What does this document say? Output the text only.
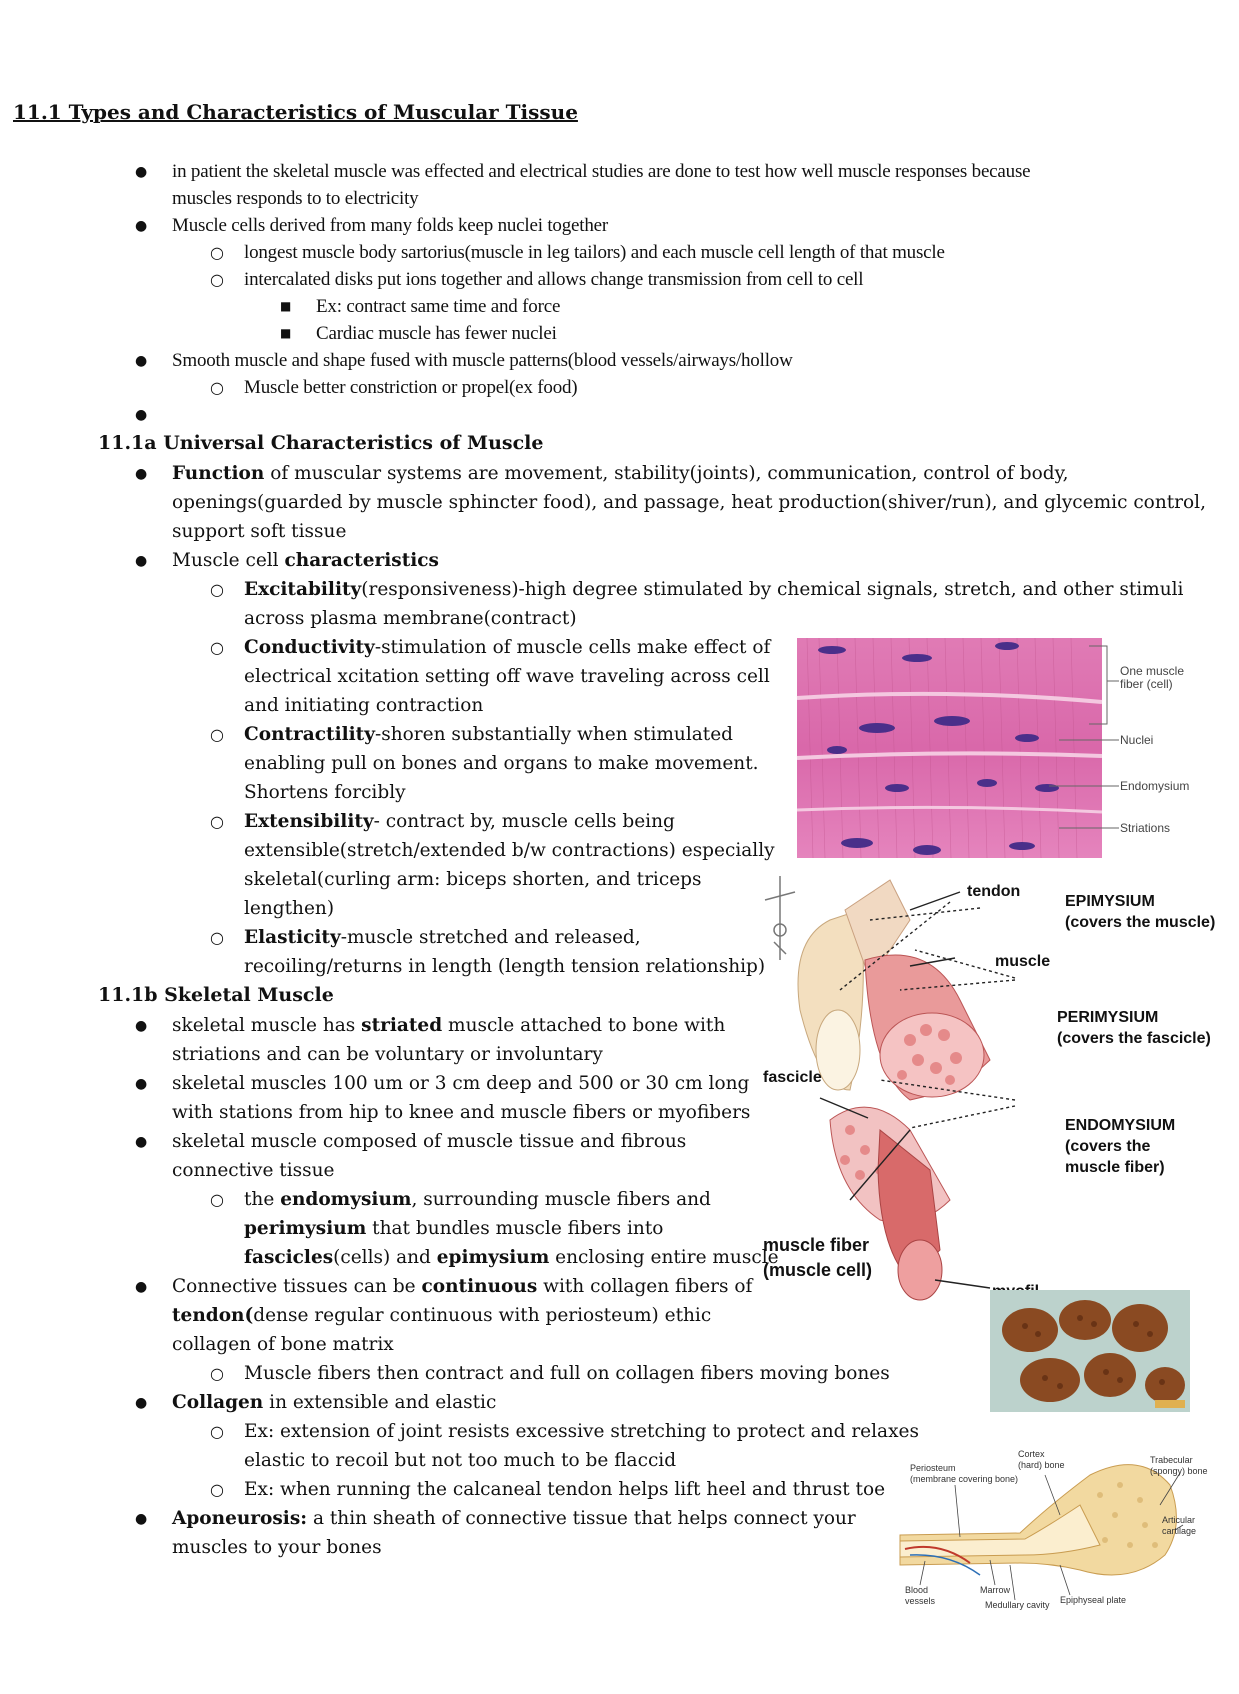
11.1 Types and Characteristics of Muscular Tissue
● in patient the skeletal muscle was effected and electrical studies are done to test how well muscle responses because
muscles responds to to electricity
● Muscle cells derived from many folds keep nuclei together
○ longest muscle body sartorius(muscle in leg tailors) and each muscle cell length of that muscle
○ intercalated disks put ions together and allows change transmission from cell to cell
■ Ex: contract same time and force
■ Cardiac muscle has fewer nuclei
● Smooth muscle and shape fused with muscle patterns(blood vessels/airways/hollow
○ Muscle better constriction or propel(ex food)
●
11.1a Universal Characteristics of Muscle
● Function of muscular systems are movement, stability(joints), communication, control of body,
openings(guarded by muscle sphincter food), and passage, heat production(shiver/run), and glycemic control,
support soft tissue
● Muscle cell characteristics
○ Excitability(responsiveness)-high degree stimulated by chemical signals, stretch, and other stimuli
across plasma membrane(contract)
○ Conductivity-stimulation of muscle cells make effect of
electrical xcitation setting off wave traveling across cell
and initiating contraction
○ Contractility-shoren substantially when stimulated
enabling pull on bones and organs to make movement.
Shortens forcibly
○ Extensibility- contract by, muscle cells being
extensible(stretch/extended b/w contractions) especially
skeletal(curling arm: biceps shorten, and triceps
lengthen)
○ Elasticity-muscle stretched and released,
recoiling/returns in length (length tension relationship)
11.1b Skeletal Muscle
● skeletal muscle has striated muscle attached to bone with
striations and can be voluntary or involuntary
● skeletal muscles 100 um or 3 cm deep and 500 or 30 cm long
with stations from hip to knee and muscle fibers or myofibers
● skeletal muscle composed of muscle tissue and fibrous
connective tissue
○ the endomysium, surrounding muscle fibers and
perimysium that bundles muscle fibers into
fascicles(cells) and epimysium enclosing entire muscle
● Connective tissues can be continuous with collagen fibers of
tendon(dense regular continuous with periosteum) ethic
collagen of bone matrix
○ Muscle fibers then contract and full on collagen fibers moving bones
● Collagen in extensible and elastic
○ Ex: extension of joint resists excessive stretching to protect and relaxes
elastic to recoil but not too much to be flaccid
○ Ex: when running the calcaneal tendon helps lift heel and thrust toe
● Aponeurosis: a thin sheath of connective tissue that helps connect your
muscles to your bones
One muscle
fiber (cell)
Nuclei
Endomysium
Striations
tendon
EPIMYSIUM
(covers the muscle)
muscle
PERIMYSIUM
(covers the fascicle)
fascicle
ENDOMYSIUM
(covers the
muscle fiber)
muscle fiber
(muscle cell)
Cortex
(hard) bone
Periosteum
(membrane covering bone)
Trabecular
(spongy) bone
Articular
cartilage
Blood
vessels
Marrow
Medullary cavity Epiphyseal plate
